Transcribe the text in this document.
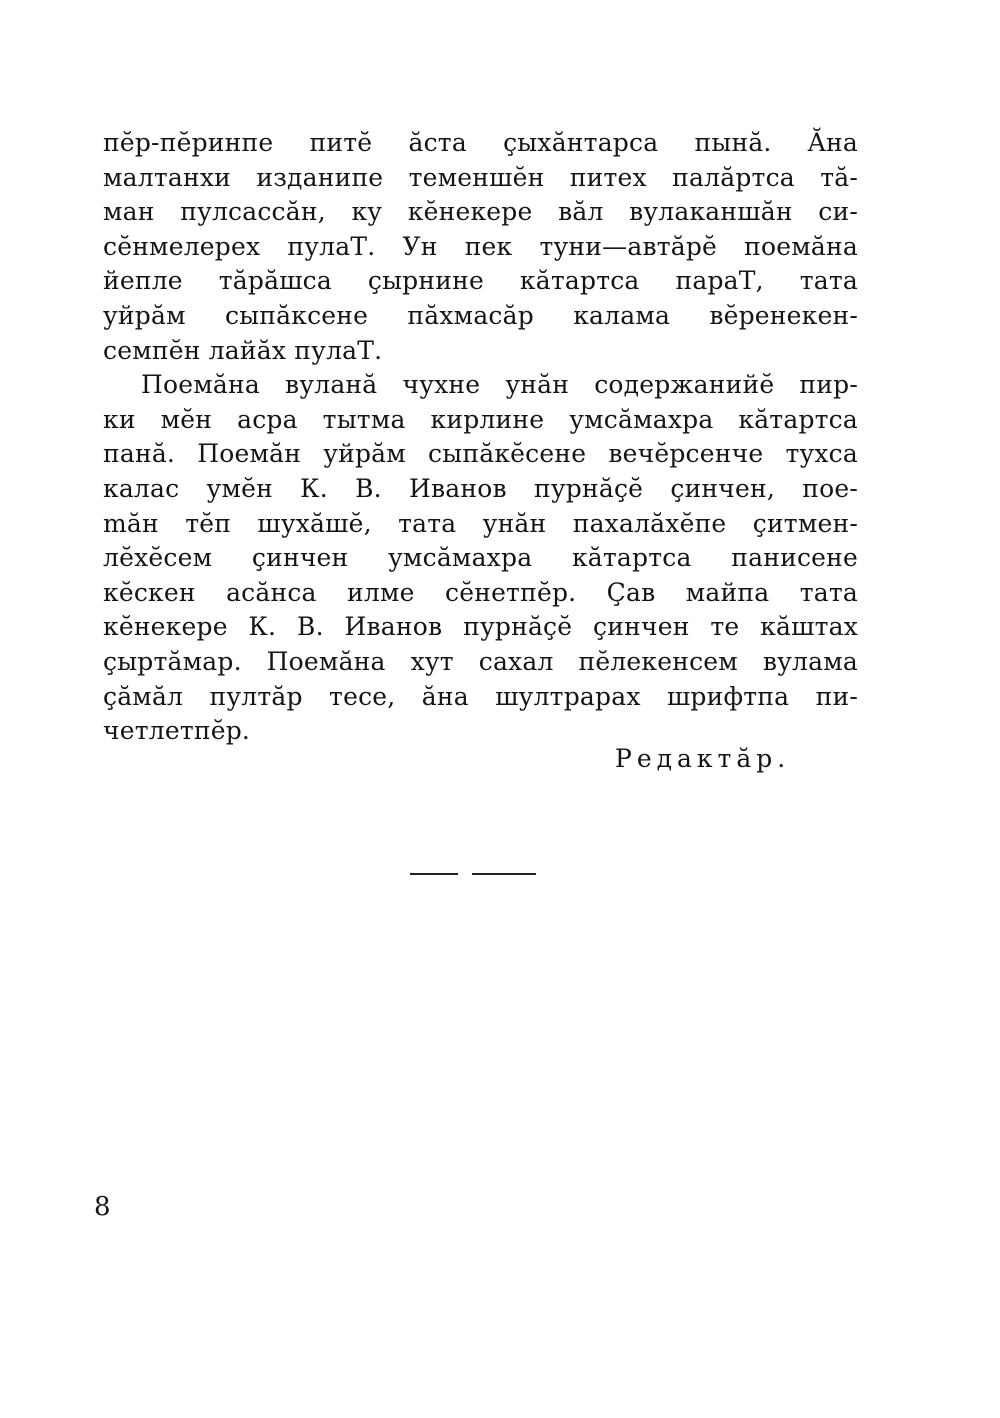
пĕр-пĕринпе питĕ ăста çыхăнтарса пынă. Ăна
малтанхи изданипе теменшĕн питех палăртса тă-
ман пулсассăн, ку кĕнекере вăл вулаканшăн си-
сĕнмелерех пулаТ. Ун пек туни—автăрĕ поемăна
йепле тăрăшса çырнине кăтартса параТ, тата
уйрăм сыпăксене пăхмасăр калама вĕренекен-
семпĕн лайăх пулаТ.
Поемăна вуланă чухне унăн содержанийĕ пир-
ки мĕн асра тытма кирлине умсăмахра кăтартса
панă. Поемăн уйрăм сыпăкĕсене вечĕрсенче тухса
калас умĕн К. В. Иванов пурнăçĕ çинчен, пое-
măн тĕп шухăшĕ, тата унăн пахалăхĕпе çитмен-
лĕхĕсем çинчен умсăмахра кăтартса панисене
кĕскен асăнса илме сĕнетпĕр. Çав майпа тата
кĕнекере К. В. Иванов пурнăçĕ çинчен те кăштах
çыртăмар. Поемăна хут сахал пĕлекенсем вулама
çăмăл пултăр тесе, ăна шултрарах шрифтпа пи-
четлетпĕр.
Редактăр.
8
